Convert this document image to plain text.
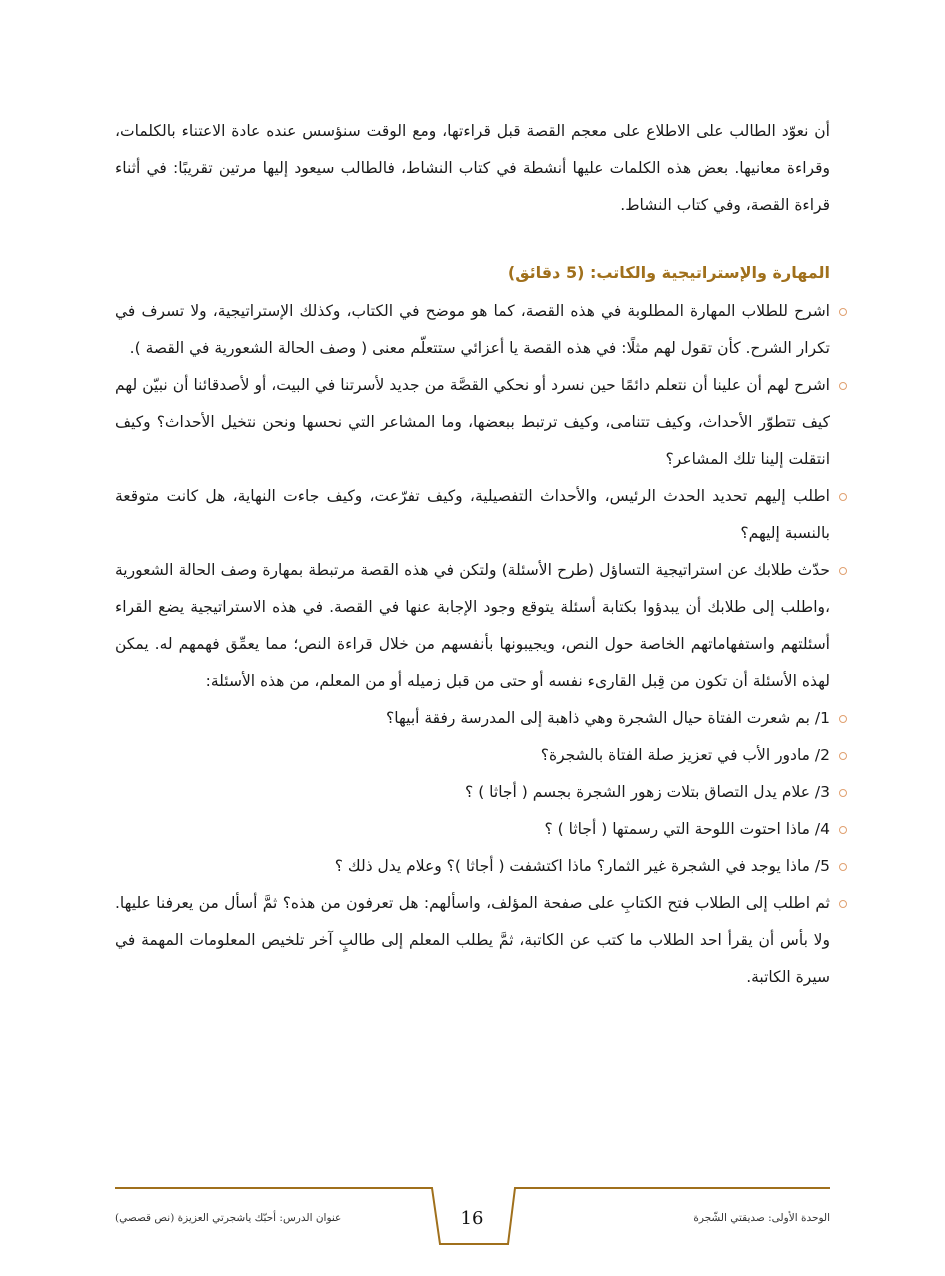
أن نعوّد الطالب على الاطلاع على معجم القصة قبل قراءتها، ومع الوقت سنؤسس عنده عادة الاعتناء بالكلمات، وقراءة معانيها. بعض هذه الكلمات عليها أنشطة في كتاب النشاط، فالطالب سيعود إليها مرتين تقريبًا: في أثناء قراءة القصة، وفي كتاب النشاط.

المهارة والإستراتيجية والكاتب: (5 دقائق)
اشرح للطلاب المهارة المطلوبة في هذه القصة، كما هو موضح في الكتاب، وكذلك الإستراتيجية، ولا تسرف في تكرار الشرح. كأن تقول لهم مثلًا: في هذه القصة يا أعزائي ستتعلّم معنى ( وصف الحالة الشعورية في القصة ).
اشرح لهم أن علينا أن نتعلم دائمًا حين نسرد أو نحكي القصَّة من جديد لأسرتنا في البيت، أو لأصدقائنا أن نبيّن لهم كيف تتطوّر الأحداث، وكيف تتنامى، وكيف ترتبط ببعضها، وما المشاعر التي نحسها ونحن نتخيل الأحداث؟ وكيف انتقلت إلينا تلك المشاعر؟
اطلب إليهم تحديد الحدث الرئيس، والأحداث التفصيلية، وكيف تفرّعت، وكيف جاءت النهاية، هل كانت متوقعة بالنسبة إليهم؟
حدّث طلابك عن استراتيجية التساؤل (طرح الأسئلة) ولتكن في هذه القصة مرتبطة بمهارة وصف الحالة الشعورية ،واطلب إلى طلابك أن يبدؤوا بكتابة أسئلة يتوقع وجود الإجابة عنها في القصة. في هذه الاستراتيجية يضع القراء أسئلتهم واستفهاماتهم الخاصة حول النص، ويجيبونها بأنفسهم من خلال قراءة النص؛ مما يعمِّق فهمهم له. يمكن لهذه الأسئلة أن تكون من قِبل القارىء نفسه أو حتى من قبل زميله أو من المعلم، من هذه الأسئلة:
1/ بم شعرت الفتاة حيال الشجرة وهي ذاهبة إلى المدرسة رفقة أبيها؟
2/ مادور الأب في تعزيز صلة الفتاة بالشجرة؟
3/ علام يدل التصاق بتلات زهور الشجرة بجسم ( أجاثا ) ؟
4/ ماذا احتوت اللوحة التي رسمتها ( أجاثا ) ؟
5/ ماذا يوجد في الشجرة غير الثمار؟ ماذا اكتشفت ( أجاثا )؟ وعلام يدل ذلك ؟
ثم اطلب إلى الطلاب فتح الكتابِ على صفحة المؤلف، واسألهم: هل تعرفون من هذه؟ ثمَّ أسأل من يعرفنا عليها. ولا بأس أن يقرأ احد الطلاب ما كتب عن الكاتبة، ثمَّ يطلب المعلم إلى طالبٍ آخر تلخيص المعلومات المهمة في سيرة الكاتبة.
الوحدة الأولى: صديقتي الشّجرة
16
عنوان الدرس: أحبّك ياشجرتي العزيزة (نص قصصي)
